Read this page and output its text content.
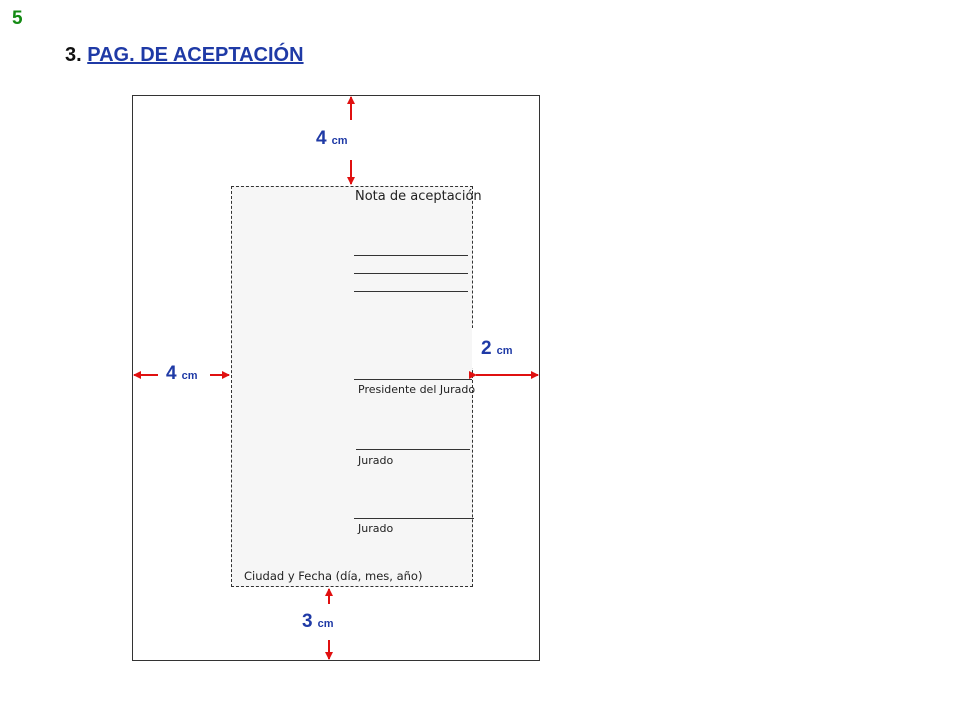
5
3. PAG. DE ACEPTACIÓN
Nota de aceptación
Presidente del Jurado
Jurado
Jurado
Ciudad y Fecha (día, mes, año)
4 cm
4 cm
2 cm
3 cm
